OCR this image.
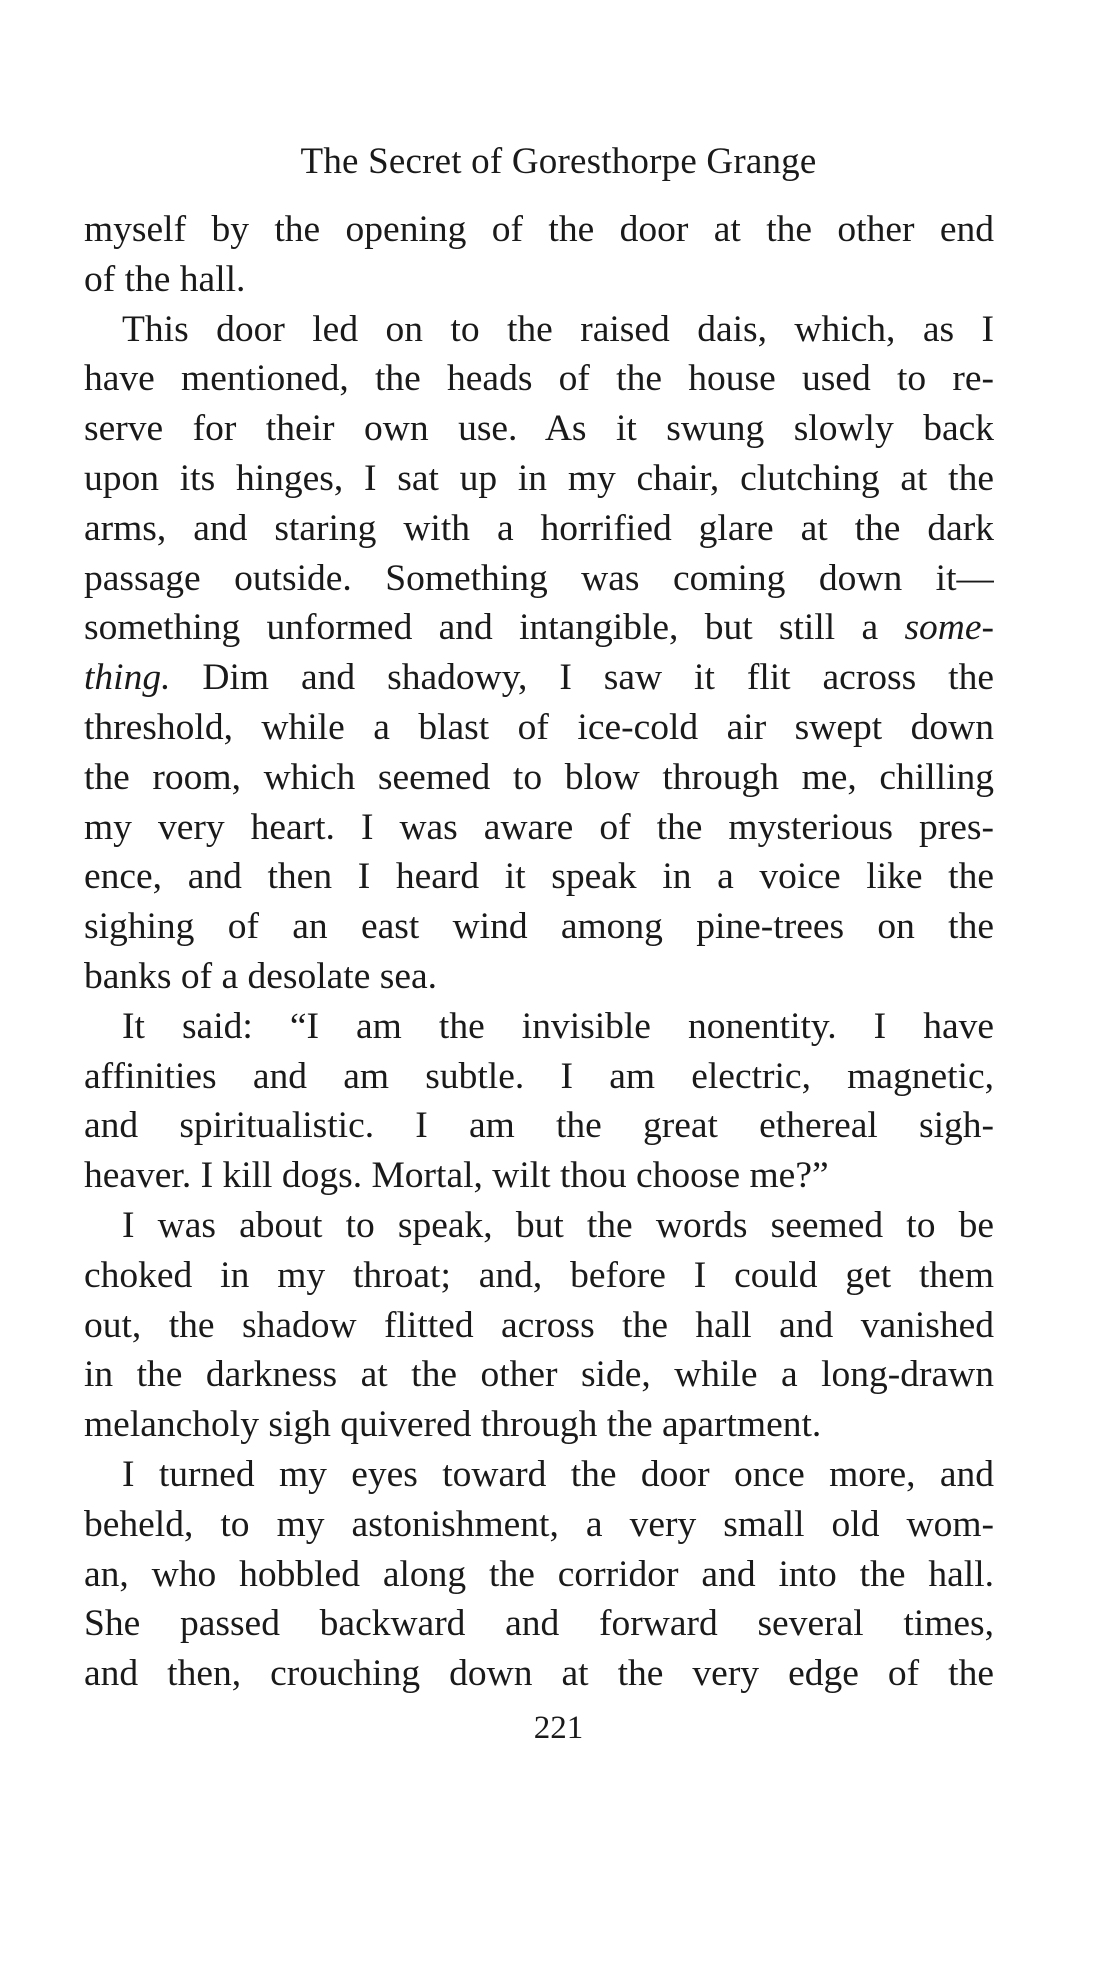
The Secret of Goresthorpe Grange
myself by the opening of the door at the other end
of the hall.
This door led on to the raised dais, which, as I
have mentioned, the heads of the house used to re-
serve for their own use. As it swung slowly back
upon its hinges, I sat up in my chair, clutching at the
arms, and staring with a horrified glare at the dark
passage outside. Something was coming down it—
something unformed and intangible, but still a some-
thing. Dim and shadowy, I saw it flit across the
threshold, while a blast of ice-cold air swept down
the room, which seemed to blow through me, chilling
my very heart. I was aware of the mysterious pres-
ence, and then I heard it speak in a voice like the
sighing of an east wind among pine-trees on the
banks of a desolate sea.
It said: “I am the invisible nonentity. I have
affinities and am subtle. I am electric, magnetic,
and spiritualistic. I am the great ethereal sigh-
heaver. I kill dogs. Mortal, wilt thou choose me?”
I was about to speak, but the words seemed to be
choked in my throat; and, before I could get them
out, the shadow flitted across the hall and vanished
in the darkness at the other side, while a long-drawn
melancholy sigh quivered through the apartment.
I turned my eyes toward the door once more, and
beheld, to my astonishment, a very small old wom-
an, who hobbled along the corridor and into the hall.
She passed backward and forward several times,
and then, crouching down at the very edge of the
221
